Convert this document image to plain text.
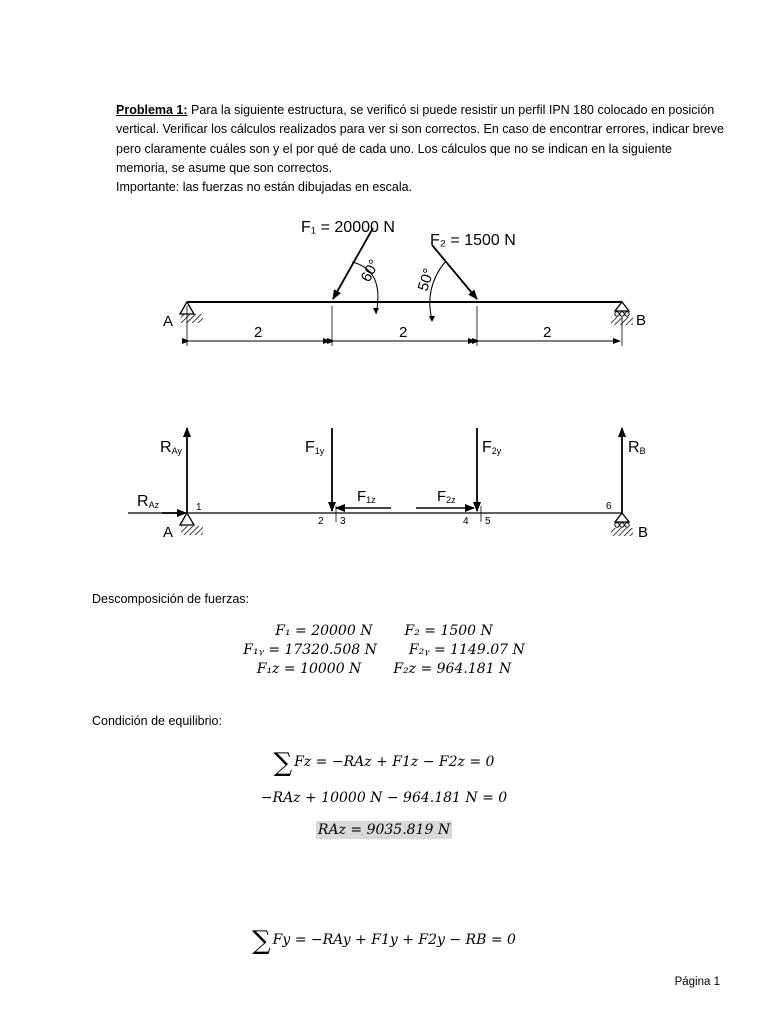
Problema 1: Para la siguiente estructura, se verificó si puede resistir un perfil IPN 180 colocado en posición vertical. Verificar los cálculos realizados para ver si son correctos. En caso de encontrar errores, indicar breve pero claramente cuáles son y el por qué de cada uno. Los cálculos que no se indican en la siguiente memoria, se asume que son correctos.

Importante: las fuerzas no están dibujadas en escala.

A	B
F₁ = 20000 N
60°
F₂ = 1500 N
50°
2	2	2
RAz
RAy
A
F1y
F1z	F2z
F2y	RB
B
1
2 3	4 5
6
Descomposición de fuerzas:
F₁ = 20000 N F₂ = 1500 N
F₁ᵧ = 17320.508 N F₂ᵧ = 1149.07 N
F₁z = 10000 N F₂z = 964.181 N
Condición de equilibrio:
∑ Fz = −RAz + F1z − F2z = 0
−RAz + 10000 N − 964.181 N = 0
RAz = 9035.819 N
∑ Fy = −RAy + F1y + F2y − RB = 0
Página 1
